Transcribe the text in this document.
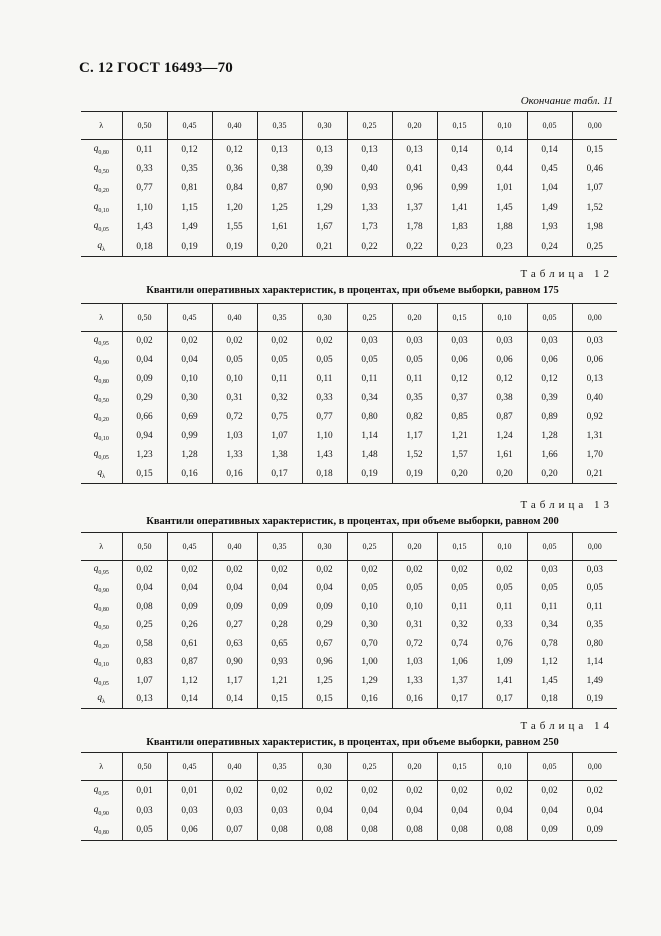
С. 12 ГОСТ 16493—70
Окончание табл. 11
Таблица 12
Квантили оперативных характеристик, в процентах, при объеме выборки, равном 175
Таблица 13
Квантили оперативных характеристик, в процентах, при объеме выборки, равном 200
Таблица 14
Квантили оперативных характеристик, в процентах, при объеме выборки, равном 250
λ	0,50	0,45	0,40	0,35	0,30	0,25	0,20	0,15	0,10	0,05	0,00
$q_{0,80}$	0,11	0,12	0,12	0,13	0,13	0,13	0,13	0,14	0,14	0,14	0,15
$q_{0,50}$	0,33	0,35	0,36	0,38	0,39	0,40	0,41	0,43	0,44	0,45	0,46
$q_{0,20}$	0,77	0,81	0,84	0,87	0,90	0,93	0,96	0,99	1,01	1,04	1,07
$q_{0,10}$	1,10	1,15	1,20	1,25	1,29	1,33	1,37	1,41	1,45	1,49	1,52
$q_{0,05}$	1,43	1,49	1,55	1,61	1,67	1,73	1,78	1,83	1,88	1,93	1,98
$q_\lambda$	0,18	0,19	0,19	0,20	0,21	0,22	0,22	0,23	0,23	0,24	0,25
λ	0,50	0,45	0,40	0,35	0,30	0,25	0,20	0,15	0,10	0,05	0,00
$q_{0,95}$	0,02	0,02	0,02	0,02	0,02	0,03	0,03	0,03	0,03	0,03	0,03
$q_{0,90}$	0,04	0,04	0,05	0,05	0,05	0,05	0,05	0,06	0,06	0,06	0,06
$q_{0,80}$	0,09	0,10	0,10	0,11	0,11	0,11	0,11	0,12	0,12	0,12	0,13
$q_{0,50}$	0,29	0,30	0,31	0,32	0,33	0,34	0,35	0,37	0,38	0,39	0,40
$q_{0,20}$	0,66	0,69	0,72	0,75	0,77	0,80	0,82	0,85	0,87	0,89	0,92
$q_{0,10}$	0,94	0,99	1,03	1,07	1,10	1,14	1,17	1,21	1,24	1,28	1,31
$q_{0,05}$	1,23	1,28	1,33	1,38	1,43	1,48	1,52	1,57	1,61	1,66	1,70
$q_\lambda$	0,15	0,16	0,16	0,17	0,18	0,19	0,19	0,20	0,20	0,20	0,21
λ	0,50	0,45	0,40	0,35	0,30	0,25	0,20	0,15	0,10	0,05	0,00
$q_{0,95}$	0,02	0,02	0,02	0,02	0,02	0,02	0,02	0,02	0,02	0,03	0,03
$q_{0,90}$	0,04	0,04	0,04	0,04	0,04	0,05	0,05	0,05	0,05	0,05	0,05
$q_{0,80}$	0,08	0,09	0,09	0,09	0,09	0,10	0,10	0,11	0,11	0,11	0,11
$q_{0,50}$	0,25	0,26	0,27	0,28	0,29	0,30	0,31	0,32	0,33	0,34	0,35
$q_{0,20}$	0,58	0,61	0,63	0,65	0,67	0,70	0,72	0,74	0,76	0,78	0,80
$q_{0,10}$	0,83	0,87	0,90	0,93	0,96	1,00	1,03	1,06	1,09	1,12	1,14
$q_{0,05}$	1,07	1,12	1,17	1,21	1,25	1,29	1,33	1,37	1,41	1,45	1,49
$q_\lambda$	0,13	0,14	0,14	0,15	0,15	0,16	0,16	0,17	0,17	0,18	0,19
λ	0,50	0,45	0,40	0,35	0,30	0,25	0,20	0,15	0,10	0,05	0,00
$q_{0,95}$	0,01	0,01	0,02	0,02	0,02	0,02	0,02	0,02	0,02	0,02	0,02
$q_{0,90}$	0,03	0,03	0,03	0,03	0,04	0,04	0,04	0,04	0,04	0,04	0,04
$q_{0,80}$	0,05	0,06	0,07	0,08	0,08	0,08	0,08	0,08	0,08	0,09	0,09
